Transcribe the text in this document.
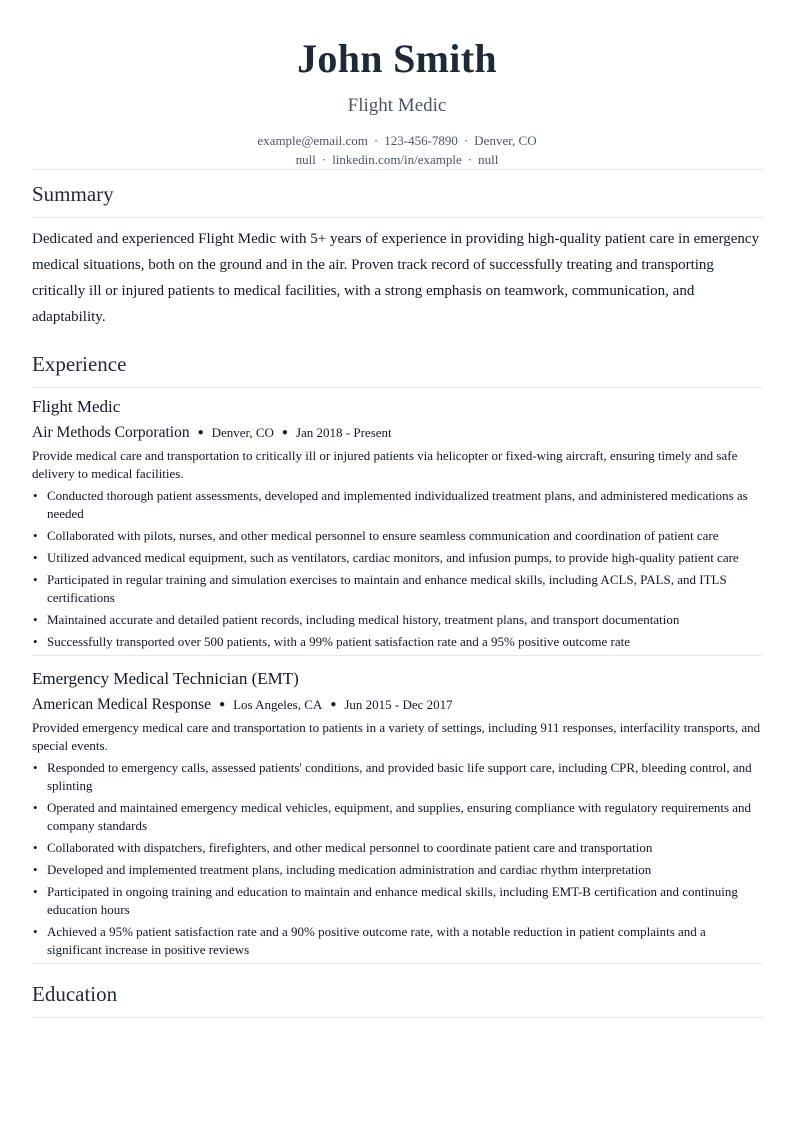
John Smith
Flight Medic
example@email.com · 123-456-7890 · Denver, CO
null · linkedin.com/in/example · null
Summary

Dedicated and experienced Flight Medic with 5+ years of experience in providing high-quality patient care in emergency medical situations, both on the ground and in the air. Proven track record of successfully treating and transporting critically ill or injured patients to medical facilities, with a strong emphasis on teamwork, communication, and adaptability.

Experience
Flight Medic
Air Methods Corporation ● Denver, CO ● Jan 2018 - Present
Provide medical care and transportation to critically ill or injured patients via helicopter or fixed-wing aircraft, ensuring timely and safe delivery to medical facilities.
• Conducted thorough patient assessments, developed and implemented individualized treatment plans, and administered medications as needed
• Collaborated with pilots, nurses, and other medical personnel to ensure seamless communication and coordination of patient care
• Utilized advanced medical equipment, such as ventilators, cardiac monitors, and infusion pumps, to provide high-quality patient care
• Participated in regular training and simulation exercises to maintain and enhance medical skills, including ACLS, PALS, and ITLS certifications
• Maintained accurate and detailed patient records, including medical history, treatment plans, and transport documentation
• Successfully transported over 500 patients, with a 99% patient satisfaction rate and a 95% positive outcome rate
Emergency Medical Technician (EMT)
American Medical Response ● Los Angeles, CA ● Jun 2015 - Dec 2017
Provided emergency medical care and transportation to patients in a variety of settings, including 911 responses, interfacility transports, and special events.
• Responded to emergency calls, assessed patients' conditions, and provided basic life support care, including CPR, bleeding control, and splinting
• Operated and maintained emergency medical vehicles, equipment, and supplies, ensuring compliance with regulatory requirements and company standards
• Collaborated with dispatchers, firefighters, and other medical personnel to coordinate patient care and transportation
• Developed and implemented treatment plans, including medication administration and cardiac rhythm interpretation
• Participated in ongoing training and education to maintain and enhance medical skills, including EMT-B certification and continuing education hours
• Achieved a 95% patient satisfaction rate and a 90% positive outcome rate, with a notable reduction in patient complaints and a significant increase in positive reviews
Education
